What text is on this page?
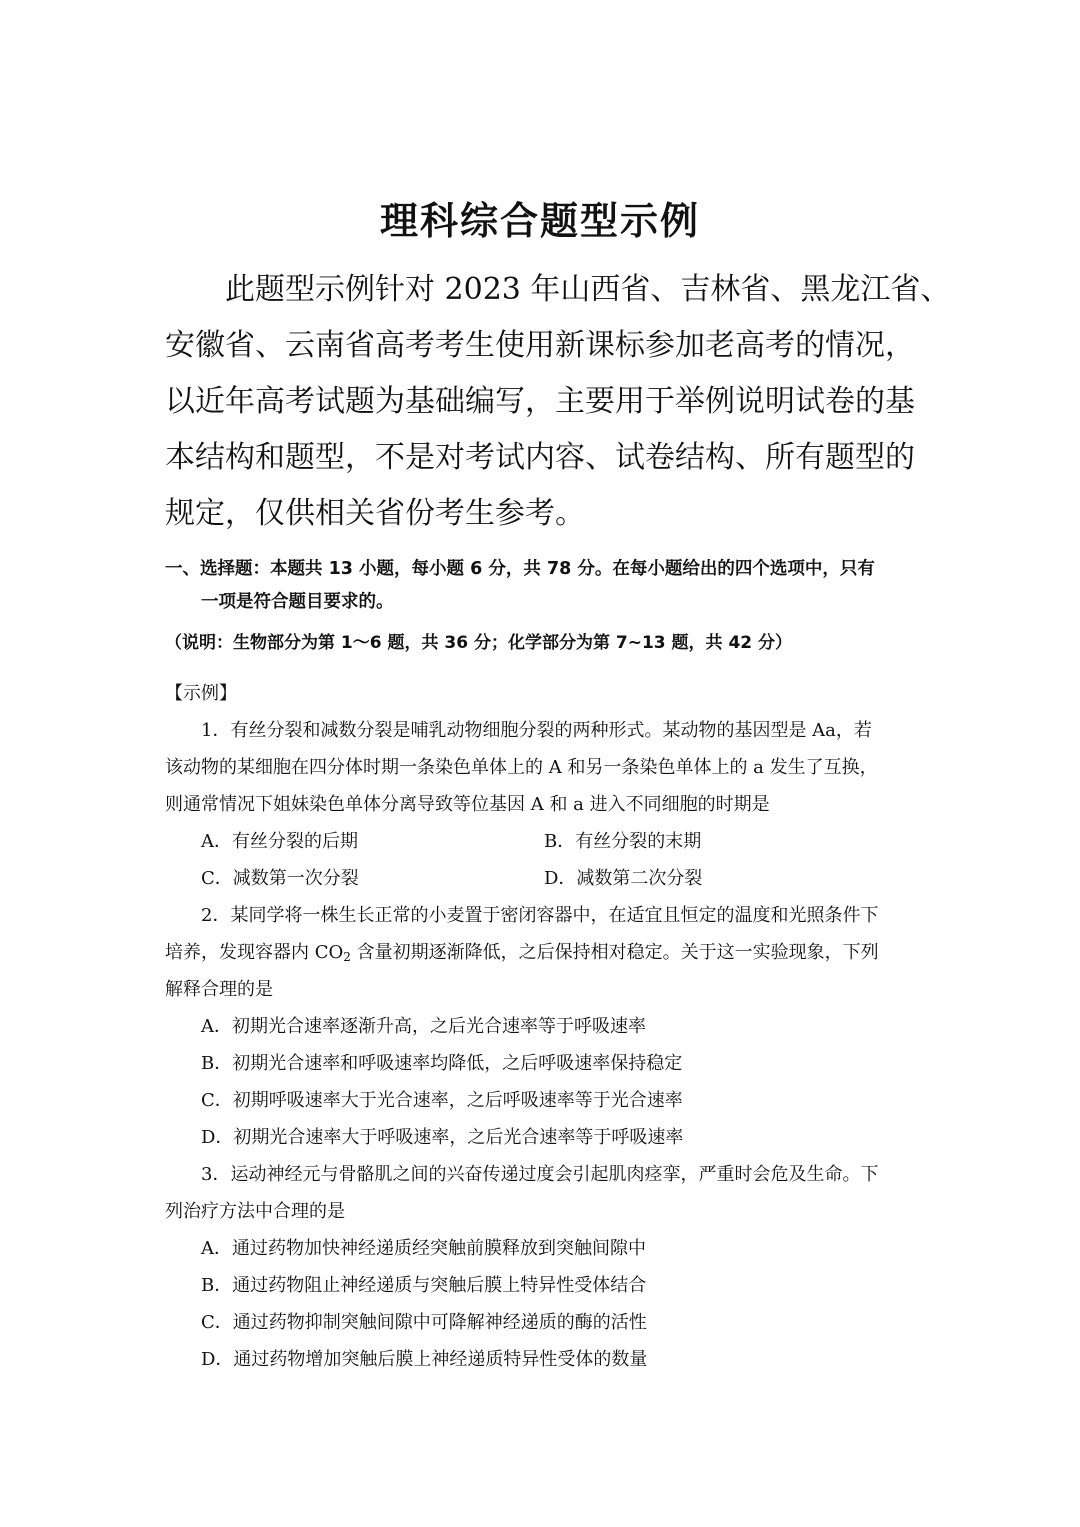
理科综合题型示例
此题型示例针对 2023 年山西省、吉林省、黑龙江省、
安徽省、云南省高考考生使用新课标参加老高考的情况，
以近年高考试题为基础编写，主要用于举例说明试卷的基
本结构和题型，不是对考试内容、试卷结构、所有题型的
规定，仅供相关省份考生参考。
一、选择题：本题共 13 小题，每小题 6 分，共 78 分。在每小题给出的四个选项中，只有
一项是符合题目要求的。
（说明：生物部分为第 1～6 题，共 36 分；化学部分为第 7~13 题，共 42 分）
【示例】
1．有丝分裂和减数分裂是哺乳动物细胞分裂的两种形式。某动物的基因型是 Aa，若
该动物的某细胞在四分体时期一条染色单体上的 A 和另一条染色单体上的 a 发生了互换，
则通常情况下姐妹染色单体分离导致等位基因 A 和 a 进入不同细胞的时期是
A．有丝分裂的后期	B．有丝分裂的末期
C．减数第一次分裂	D．减数第二次分裂
2．某同学将一株生长正常的小麦置于密闭容器中，在适宜且恒定的温度和光照条件下
培养，发现容器内 $CO_2$ 含量初期逐渐降低，之后保持相对稳定。关于这一实验现象，下列
解释合理的是
A．初期光合速率逐渐升高，之后光合速率等于呼吸速率
B．初期光合速率和呼吸速率均降低，之后呼吸速率保持稳定
C．初期呼吸速率大于光合速率，之后呼吸速率等于光合速率
D．初期光合速率大于呼吸速率，之后光合速率等于呼吸速率
3．运动神经元与骨骼肌之间的兴奋传递过度会引起肌肉痉挛，严重时会危及生命。下
列治疗方法中合理的是
A．通过药物加快神经递质经突触前膜释放到突触间隙中
B．通过药物阻止神经递质与突触后膜上特异性受体结合
C．通过药物抑制突触间隙中可降解神经递质的酶的活性
D．通过药物增加突触后膜上神经递质特异性受体的数量
